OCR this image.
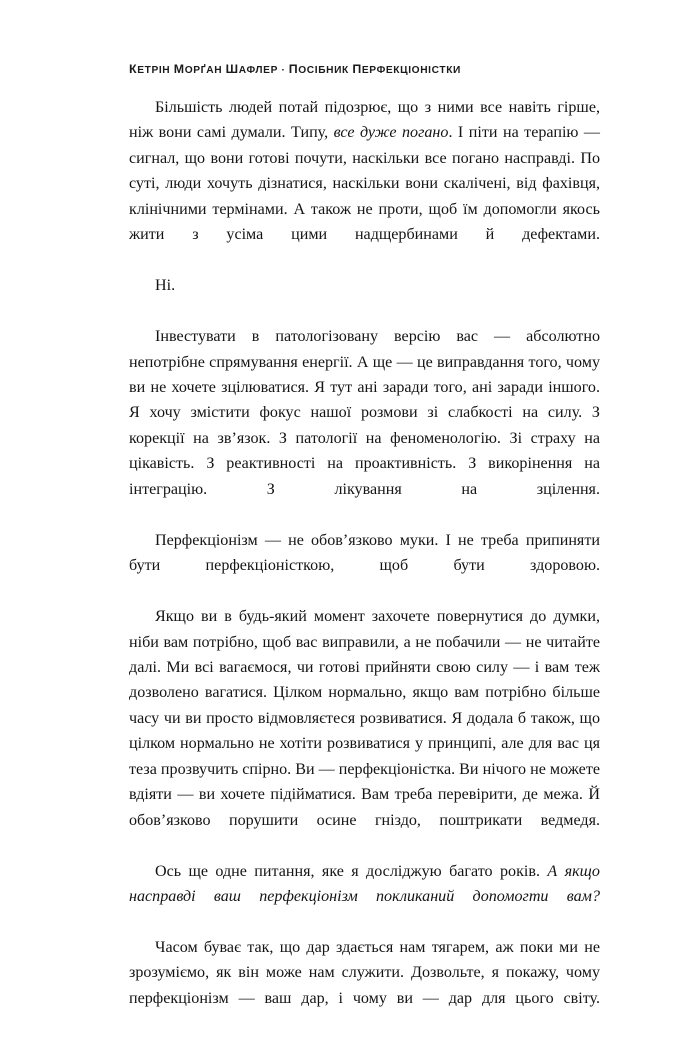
КЕТРІН МОРҐАН ШАФЛЕР · ПОСІБНИК ПЕРФЕКЦІОНІСТКИ

Більшість людей потай підозрює, що з ними все навіть гірше, ніж вони самі думали. Типу, все дуже погано. І піти на терапію — сигнал, що вони готові почути, наскільки все погано насправді. По суті, люди хочуть дізнатися, наскільки вони скалічені, від фахівця, клінічними термінами. А також не проти, щоб їм допомогли якось жити з усіма цими надщербинами й дефектами.

Ні.

Інвестувати в патологізовану версію вас — абсолютно непотрібне спрямування енергії. А ще — це виправдання того, чому ви не хочете зцілюватися. Я тут ані заради того, ані заради іншого. Я хочу змістити фокус нашої розмови зі слабкості на силу. З корекції на зв’язок. З патології на феноменологію. Зі страху на цікавість. З реактивності на проактивність. З викорінення на інтеграцію. З лікування на зцілення.

Перфекціонізм — не обов’язково муки. І не треба припиняти бути перфекціоністкою, щоб бути здоровою.

Якщо ви в будь-який момент захочете повернутися до думки, ніби вам потрібно, щоб вас виправили, а не побачили — не читайте далі. Ми всі вагаємося, чи готові прийняти свою силу — і вам теж дозволено вагатися. Цілком нормально, якщо вам потрібно більше часу чи ви просто відмовляєтеся розвиватися. Я додала б також, що цілком нормально не хотіти розвиватися у принципі, але для вас ця теза прозвучить спірно. Ви — перфекціоністка. Ви нічого не можете вдіяти — ви хочете підійматися. Вам треба перевірити, де межа. Й обов’язково порушити осине гніздо, поштрикати ведмедя.

Ось ще одне питання, яке я досліджую багато років. А якщо насправді ваш перфекціонізм покликаний допомогти вам?

Часом буває так, що дар здається нам тягарем, аж поки ми не зрозуміємо, як він може нам служити. Дозвольте, я покажу, чому перфекціонізм — ваш дар, і чому ви — дар для цього світу.
